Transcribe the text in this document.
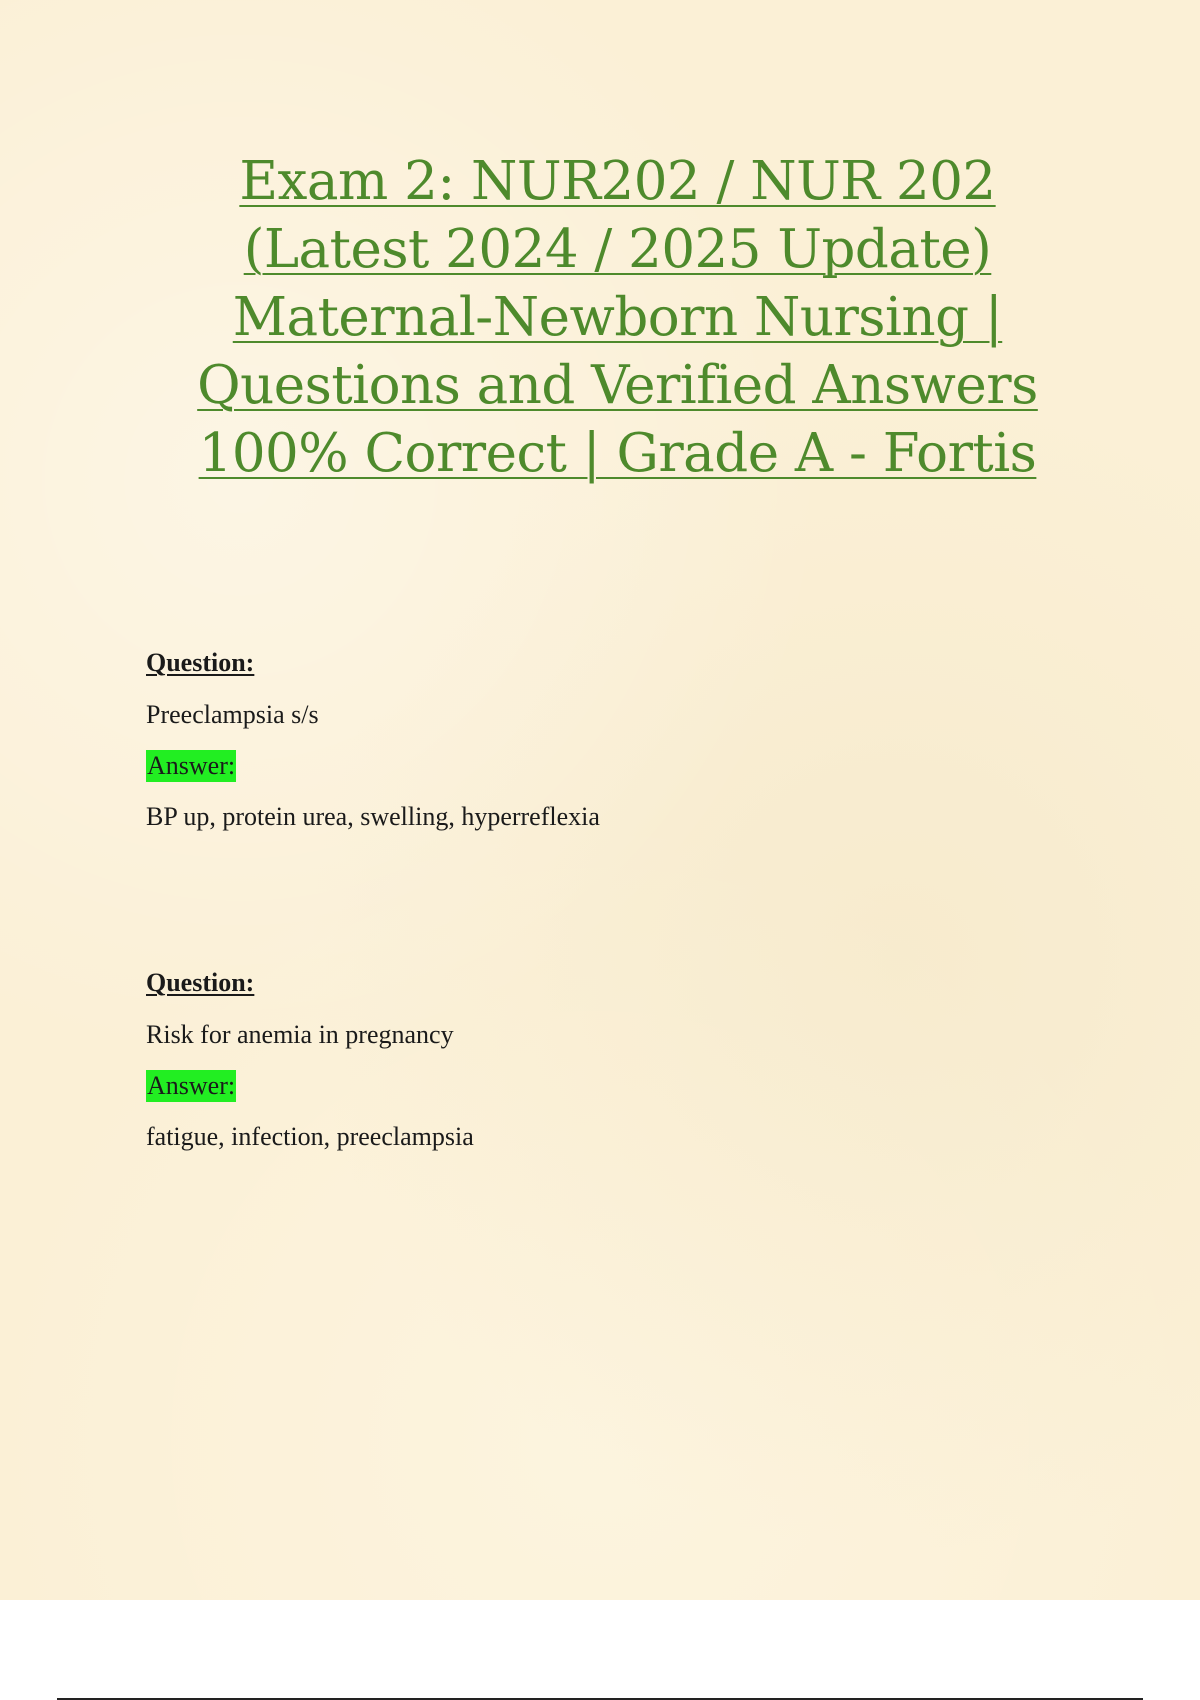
Exam 2: NUR202 / NUR 202 (Latest 2024 / 2025 Update) Maternal-Newborn Nursing | Questions and Verified Answers 100% Correct | Grade A - Fortis
Question:
Preeclampsia s/s
Answer:
BP up, protein urea, swelling, hyperreflexia
Question:
Risk for anemia in pregnancy
Answer:
fatigue, infection, preeclampsia
